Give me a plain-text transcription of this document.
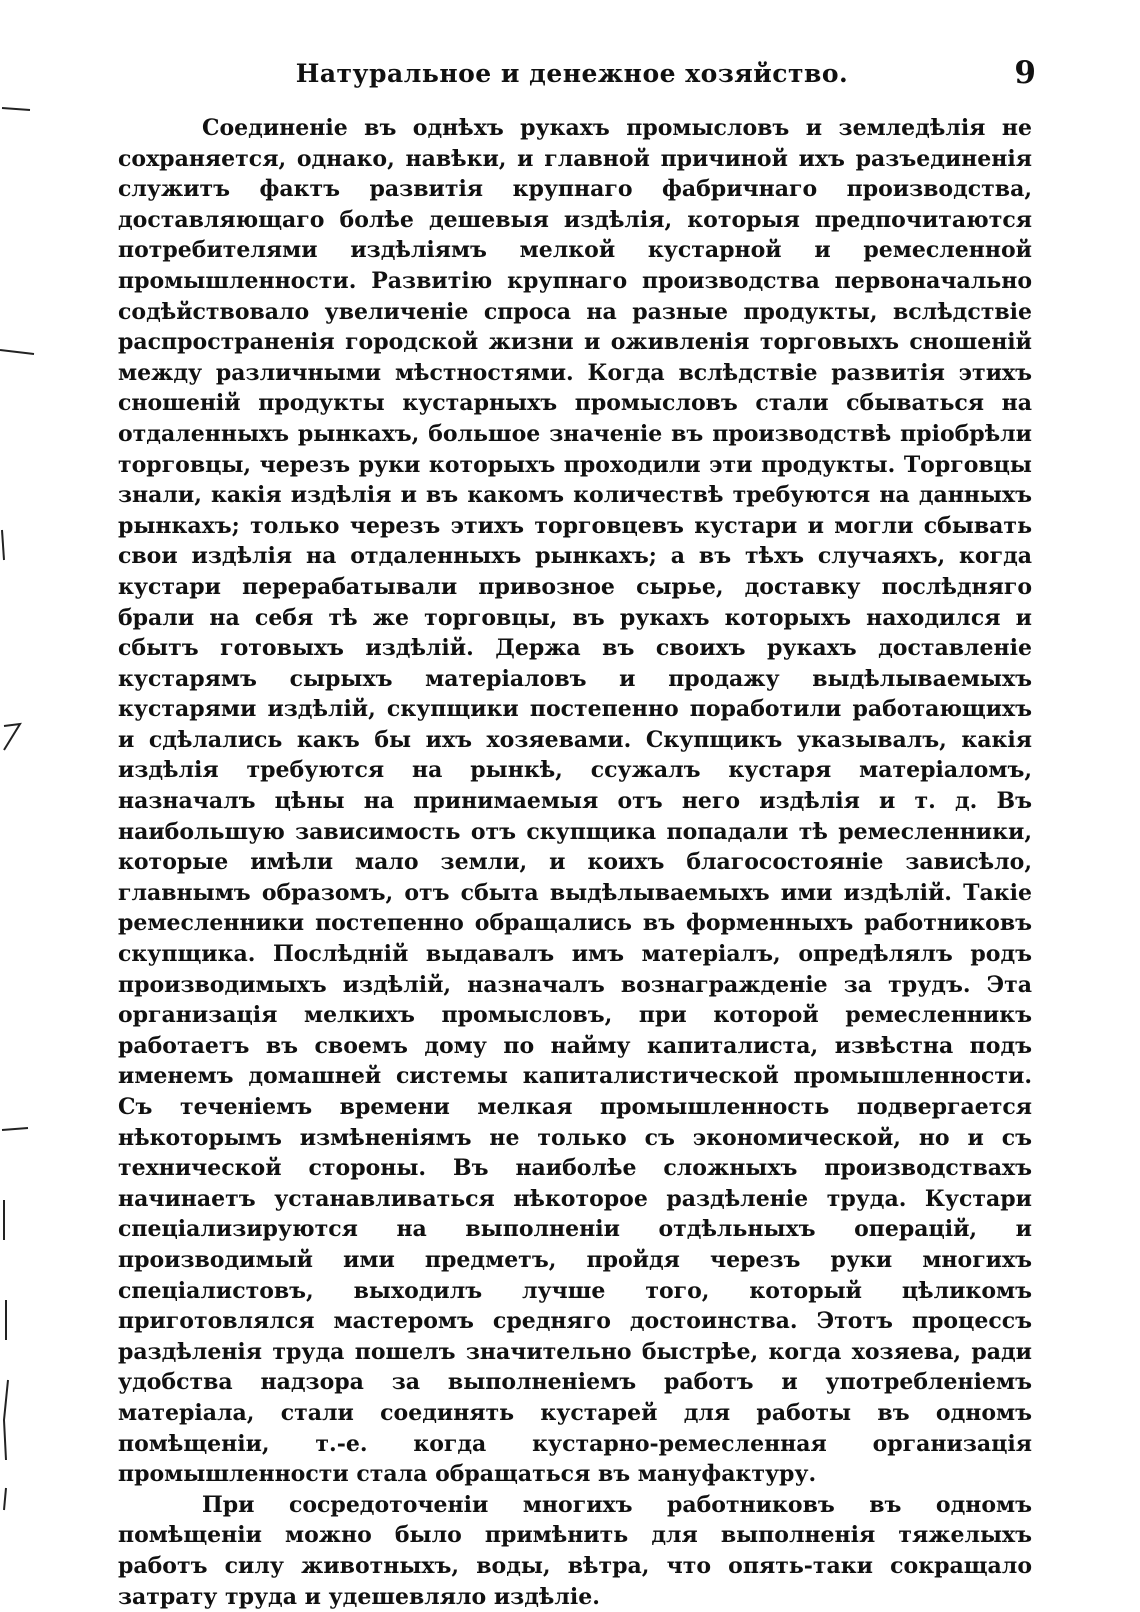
Натуральное и денежное хозяйство.	9

Соединеніе въ однѣхъ рукахъ промысловъ и земледѣлія не сохраняется, однако, навѣки, и главной причиной ихъ разъединенія служитъ фактъ развитія крупнаго фабричнаго производства, доставляющаго болѣе дешевыя издѣлія, которыя предпочитаются потребителями издѣліямъ мелкой кустарной и ремесленной промышленности. Развитію крупнаго производства первоначально содѣйствовало увеличеніе спроса на разные продукты, вслѣдствіе распространенія городской жизни и оживленія торговыхъ сношеній между различными мѣстностями. Когда вслѣдствіе развитія этихъ сношеній продукты кустарныхъ промысловъ стали сбываться на отдаленныхъ рынкахъ, большое значеніе въ производствѣ пріобрѣли торговцы, черезъ руки которыхъ проходили эти продукты. Торговцы знали, какія издѣлія и въ какомъ количествѣ требуются на данныхъ рынкахъ; только черезъ этихъ торговцевъ кустари и могли сбывать свои издѣлія на отдаленныхъ рынкахъ; а въ тѣхъ случаяхъ, когда кустари перерабатывали привозное сырье, доставку послѣдняго брали на себя тѣ же торговцы, въ рукахъ которыхъ находился и сбытъ готовыхъ издѣлій. Держа въ своихъ рукахъ доставленіе кустарямъ сырыхъ матеріаловъ и продажу выдѣлываемыхъ кустарями издѣлій, скупщики постепенно поработили работающихъ и сдѣлались какъ бы ихъ хозяевами. Скупщикъ указывалъ, какія издѣлія требуются на рынкѣ, ссужалъ кустаря матеріаломъ, назначалъ цѣны на принимаемыя отъ него издѣлія и т. д. Въ наибольшую зависимость отъ скупщика попадали тѣ ремесленники, которые имѣли мало земли, и коихъ благосостояніе зависѣло, главнымъ образомъ, отъ сбыта выдѣлываемыхъ ими издѣлій. Такіе ремесленники постепенно обращались въ форменныхъ работниковъ скупщика. Послѣдній выдавалъ имъ матеріалъ, опредѣлялъ родъ производимыхъ издѣлій, назначалъ вознагражденіе за трудъ. Эта организація мелкихъ промысловъ, при которой ремесленникъ работаетъ въ своемъ дому по найму капиталиста, извѣстна подъ именемъ домашней системы капиталистической промышленности. Съ теченіемъ времени мелкая промышленность подвергается нѣкоторымъ измѣненіямъ не только съ экономической, но и съ технической стороны. Въ наиболѣе сложныхъ производствахъ начинаетъ устанавливаться нѣкоторое раздѣленіе труда. Кустари спеціализируются на выполненіи отдѣльныхъ операцій, и производимый ими предметъ, пройдя черезъ руки многихъ спеціалистовъ, выходилъ лучше того, который цѣликомъ приготовлялся мастеромъ средняго достоинства. Этотъ процессъ раздѣленія труда пошелъ значительно быстрѣе, когда хозяева, ради удобства надзора за выполненіемъ работъ и употребленіемъ матеріала, стали соединять кустарей для работы въ одномъ помѣщеніи, т.-е. когда кустарно-ремесленная организація промышленности стала обращаться въ мануфактуру.

При сосредоточеніи многихъ работниковъ въ одномъ помѣщеніи можно было примѣнить для выполненія тяжелыхъ работъ силу животныхъ, воды, вѣтра, что опять-таки сокращало затрату труда и удешевляло издѣліе.
